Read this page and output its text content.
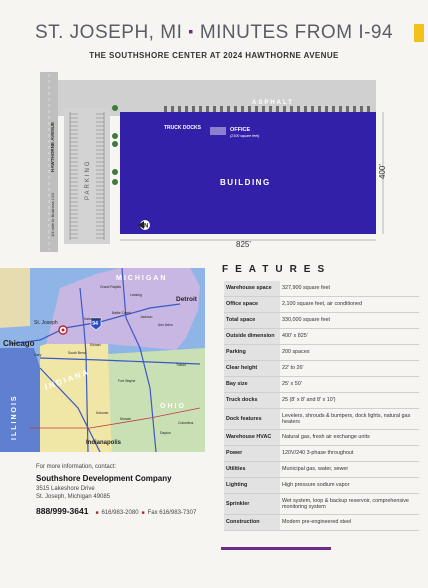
ST. JOSEPH, MI ▪ MINUTES FROM I-94
THE SOUTHSHORE CENTER AT 2024 HAWTHORNE AVENUE
ASPHALT
TRUCK DOCKS	OFFICE
(2100 square feet)
BUILDING
N
825'
400'
HAWTHORNE AVENUE
1/4 mile to Business I-94
PARKING
94
MICHIGAN
INDIANA
OHIO
ILLINOIS
Chicago
Detroit
Indianapolis
St. Joseph
Grand Rapids
Lansing
Kalamazoo
Battle Creek
Jackson
Ann Arbor
South Bend
Elkhart
Fort Wayne
Toledo
Gary
Kokomo
Muncie
Dayton
Columbus
FEATURES
Warehouse space	327,900 square feet
Office space	2,100 square feet, air conditioned
Total space	330,000 square feet
Outside dimension	400' x 825'
Parking	200 spaces
Clear height	22' to 26'
Bay size	25' x 50'
Truck docks	25 (8' x 8' and 8' x 10')
Dock features	Levelers, shrouds & bumpers, dock lights, natural gas heaters
Warehouse HVAC	Natural gas, fresh air exchange units
Power	120V/240 3-phase throughout
Utilities	Municipal gas, water, sewer
Lighting	High pressure sodium vapor
Sprinkler	Wet system, loop & backup reservoir, comprehensive monitoring system
Construction	Modern pre-engineered steel

For more information, contact:

Southshore Development Company

3515 Lakeshore Drive

St. Joseph, Michigan 49085

888/999-3641 ■ 616/983-2080 ■ Fax 616/983-7307
